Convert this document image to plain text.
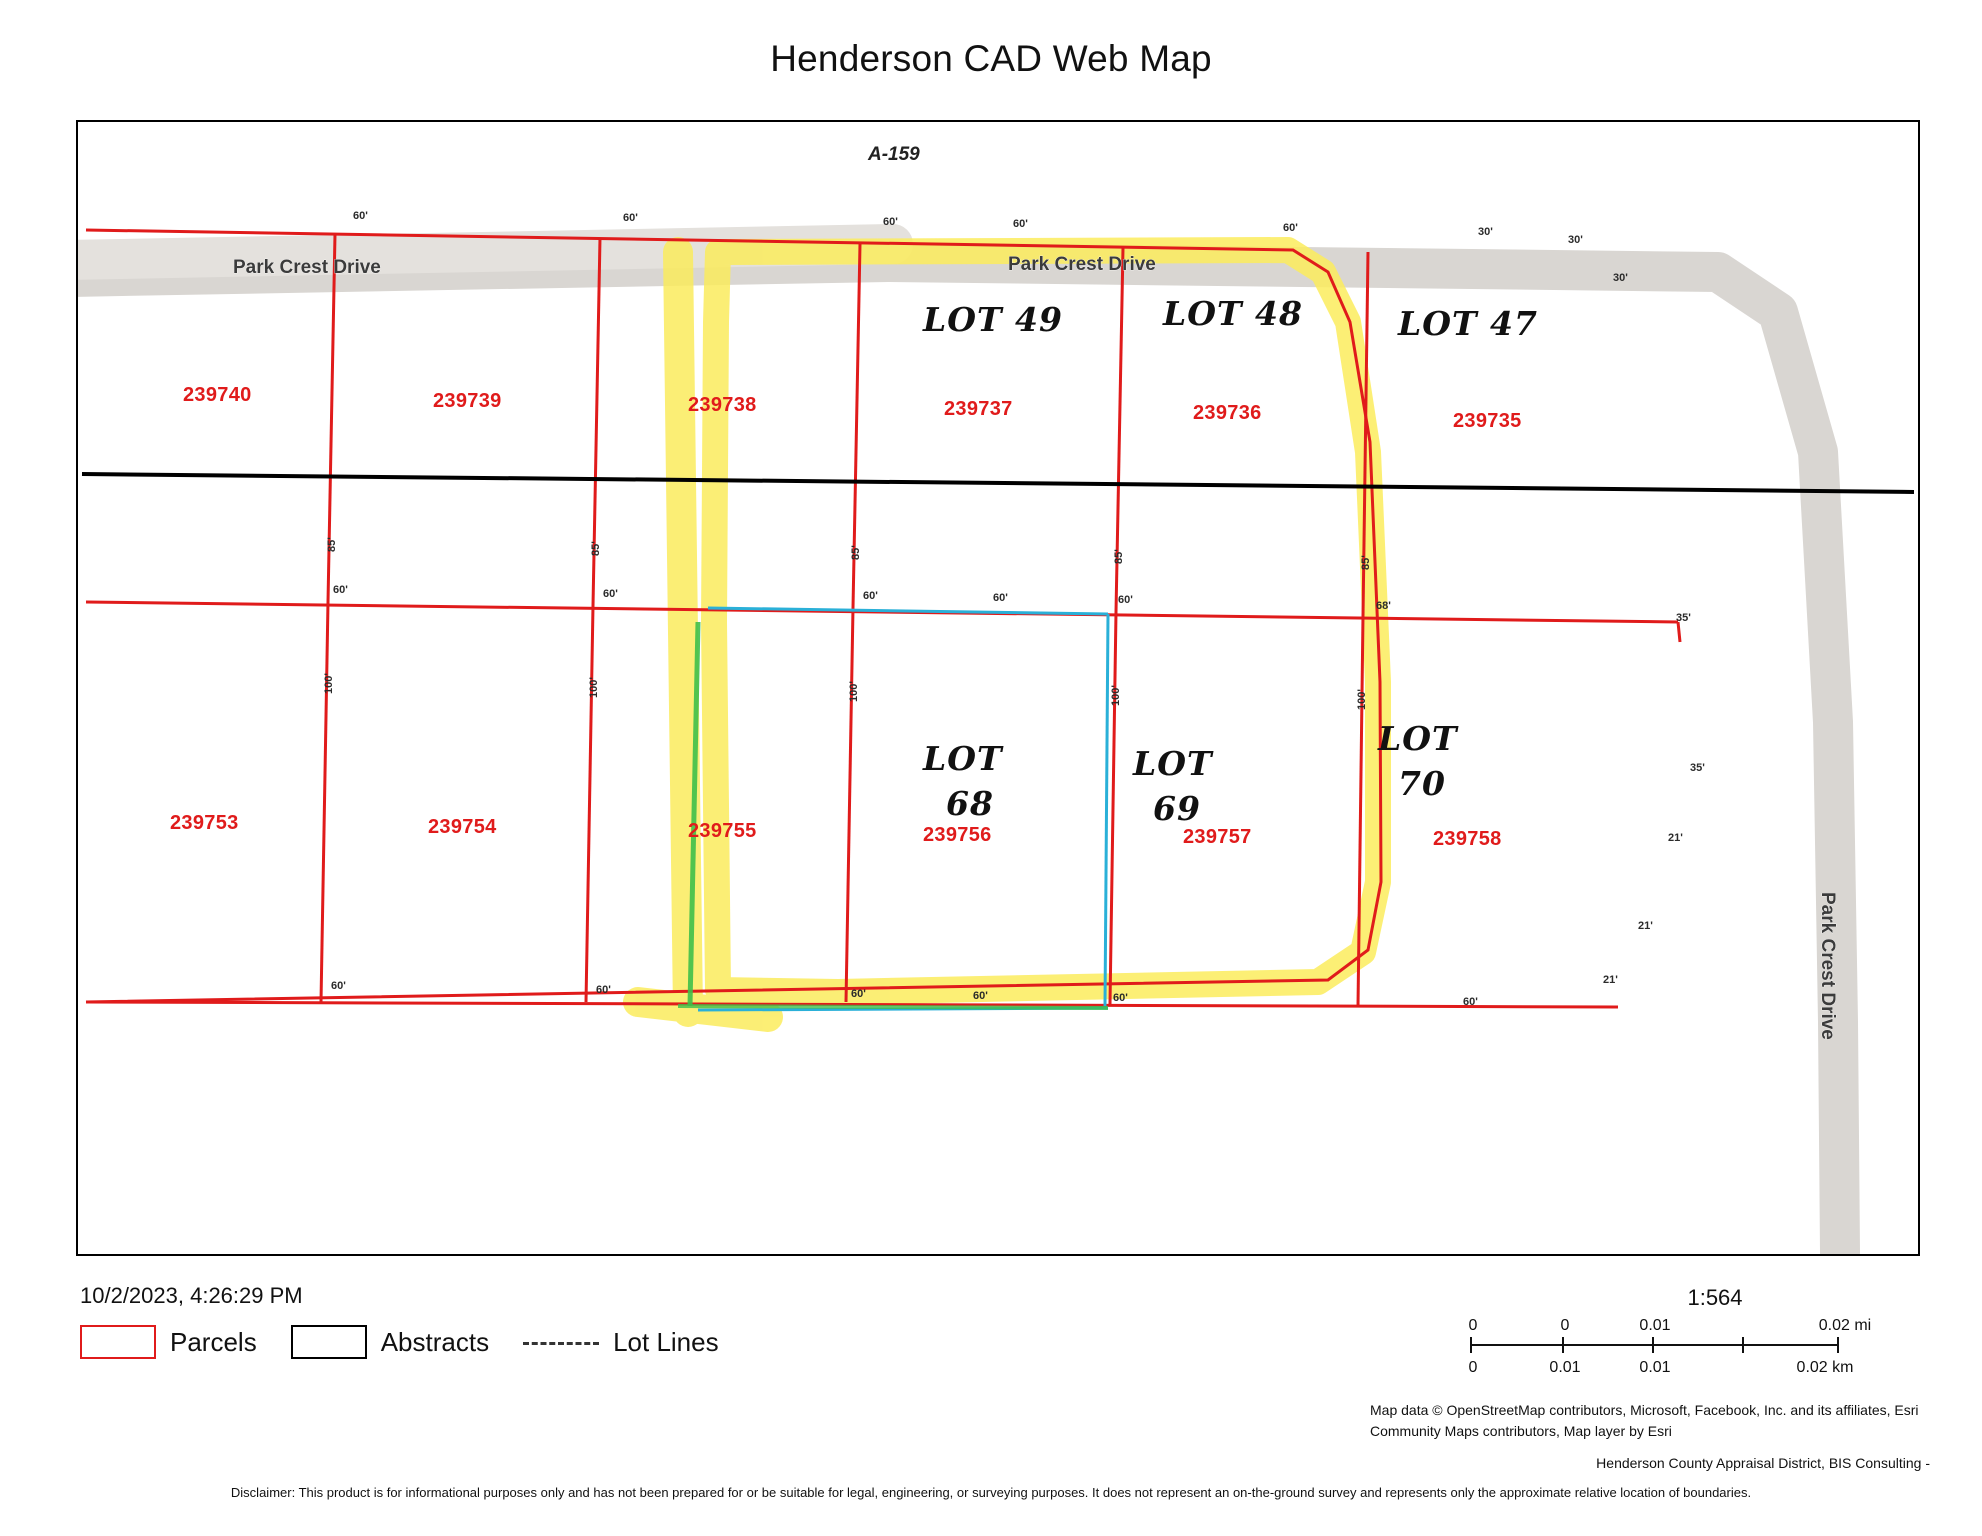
Henderson CAD Web Map
A-159
Park Crest Drive	Park Crest Drive
Park Crest Drive
LOT 49	LOT 48	LOT 47
LOT
68
LOT
69
LOT
70
239740	239739	239738	239737	239736	239735
239753	239754	239755	239756	239757	239758
60'	60'	60'	60'	60'	30'
30'
30'
60'	60'	60'	60'	60'	68'
35'
60'	60'	60'	60'	60'	60'
21'
21'
21'
35'
85'	85'	85'	85'	85'
100'	100'	100'	100'	100'
10/2/2023, 4:26:29 PM
Parcels	Abstracts	Lot Lines
1:564
0	0	0.01	0.02 mi
0	0.01	0.01	0.02 km
Map data © OpenStreetMap contributors, Microsoft, Facebook, Inc. and its affiliates, Esri Community Maps contributors, Map layer by Esri
Henderson County Appraisal District, BIS Consulting -
Disclaimer: This product is for informational purposes only and has not been prepared for or be suitable for legal, engineering, or surveying purposes. It does not represent an on-the-ground survey and represents only the approximate relative location of boundaries.
